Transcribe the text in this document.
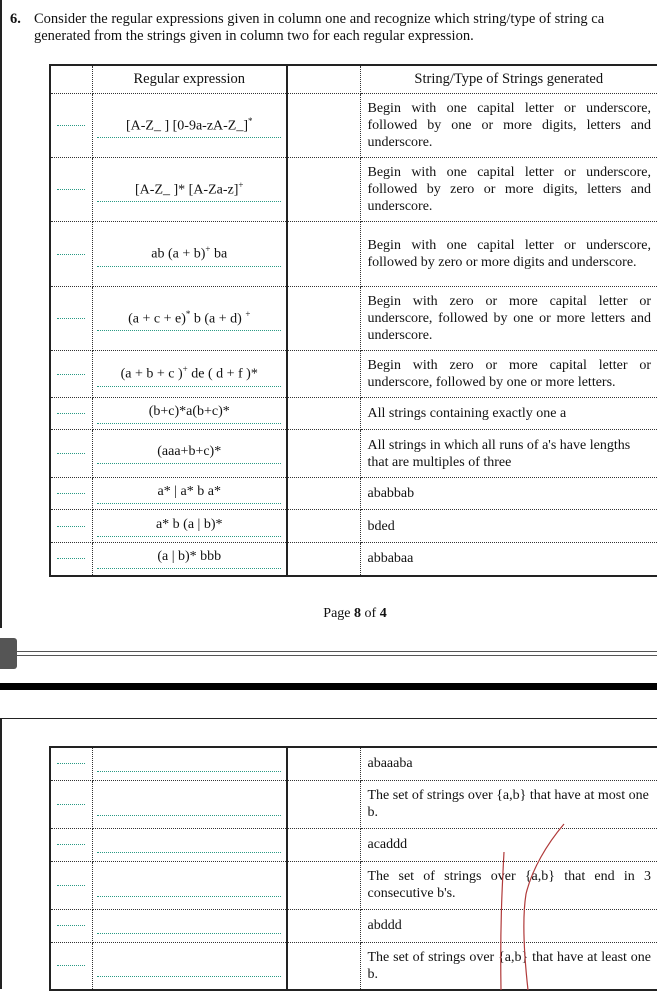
6. Consider the regular expressions given in column one and recognize which string/type of string ca
generated from the strings given in column two for each regular expression.
	Regular expression		String/Type of Strings generated

	[A-Z_ ] [0-9a-zA-Z_]*		Begin with one capital letter or underscore, followed by one or more digits, letters and underscore.

	[A-Z_ ]* [A-Za-z]+		Begin with one capital letter or underscore, followed by zero or more digits, letters and underscore.

	ab (a + b)+ ba		Begin with one capital letter or underscore, followed by zero or more digits and underscore.

	(a + c + e)* b (a + d) +		Begin with zero or more capital letter or underscore, followed by one or more letters and underscore.

	(a + b + c )+ de ( d + f )*		Begin with zero or more capital letter or underscore, followed by one or more letters.

	(b+c)*a(b+c)*		All strings containing exactly one a

	(aaa+b+c)*		All strings in which all runs of a's have lengths that are multiples of three

	a* | a* b a*		ababbab

	a* b (a | b)*		bded

	(a | b)* bbb		abbabaa
Page 8 of 4

		abaaaba

		The set of strings over {a,b} that have at most one b.

		acaddd

		The set of strings over {a,b} that end in 3 consecutive b's.

		abddd

		The set of strings over {a,b} that have at least one b.
